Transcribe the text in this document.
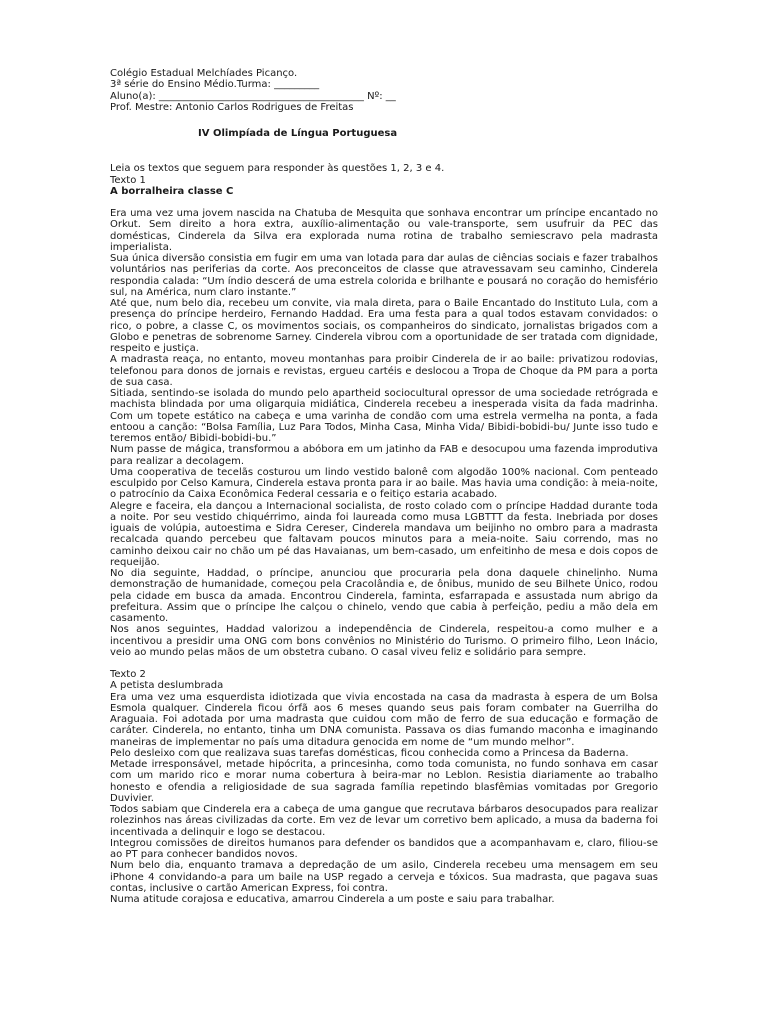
Colégio Estadual Melchíades Picanço.
3ª série do Ensino Médio.Turma: _________
Aluno(a): _________________________________________ Nº: __
Prof. Mestre: Antonio Carlos Rodrigues de Freitas
IV Olimpíada de Língua Portuguesa
Leia os textos que seguem para responder às questões 1, 2, 3 e 4.
Texto 1
A borralheira classe C

Era uma vez uma jovem nascida na Chatuba de Mesquita que sonhava encontrar um príncipe encantado no Orkut. Sem direito a hora extra, auxílio-alimentação ou vale-transporte, sem usufruir da PEC das domésticas, Cinderela da Silva era explorada numa rotina de trabalho semiescravo pela madrasta imperialista.

Sua única diversão consistia em fugir em uma van lotada para dar aulas de ciências sociais e fazer trabalhos voluntários nas periferias da corte. Aos preconceitos de classe que atravessavam seu caminho, Cinderela respondia calada: “Um índio descerá de uma estrela colorida e brilhante e pousará no coração do hemisfério sul, na América, num claro instante.”

Até que, num belo dia, recebeu um convite, via mala direta, para o Baile Encantado do Instituto Lula, com a presença do príncipe herdeiro, Fernando Haddad. Era uma festa para a qual todos estavam convidados: o rico, o pobre, a classe C, os movimentos sociais, os companheiros do sindicato, jornalistas brigados com a Globo e penetras de sobrenome Sarney. Cinderela vibrou com a oportunidade de ser tratada com dignidade, respeito e justiça.

A madrasta reaça, no entanto, moveu montanhas para proibir Cinderela de ir ao baile: privatizou rodovias, telefonou para donos de jornais e revistas, ergueu cartéis e deslocou a Tropa de Choque da PM para a porta de sua casa.

Sitiada, sentindo-se isolada do mundo pelo apartheid sociocultural opressor de uma sociedade retrógrada e machista blindada por uma oligarquia midiática, Cinderela recebeu a inesperada visita da fada madrinha. Com um topete estático na cabeça e uma varinha de condão com uma estrela vermelha na ponta, a fada entoou a canção: “Bolsa Família, Luz Para Todos, Minha Casa, Minha Vida/ Bibidi-bobidi-bu/ Junte isso tudo e teremos então/ Bibidi-bobidi-bu.”

Num passe de mágica, transformou a abóbora em um jatinho da FAB e desocupou uma fazenda improdutiva para realizar a decolagem.

Uma cooperativa de tecelãs costurou um lindo vestido balonê com algodão 100% nacional. Com penteado esculpido por Celso Kamura, Cinderela estava pronta para ir ao baile. Mas havia uma condição: à meia-noite, o patrocínio da Caixa Econômica Federal cessaria e o feitiço estaria acabado.

Alegre e faceira, ela dançou a Internacional socialista, de rosto colado com o príncipe Haddad durante toda a noite. Por seu vestido chiquérrimo, ainda foi laureada como musa LGBTTT da festa. Inebriada por doses iguais de volúpia, autoestima e Sidra Cereser, Cinderela mandava um beijinho no ombro para a madrasta recalcada quando percebeu que faltavam poucos minutos para a meia-noite. Saiu correndo, mas no caminho deixou cair no chão um pé das Havaianas, um bem-casado, um enfeitinho de mesa e dois copos de requeijão.

No dia seguinte, Haddad, o príncipe, anunciou que procuraria pela dona daquele chinelinho. Numa demonstração de humanidade, começou pela Cracolândia e, de ônibus, munido de seu Bilhete Único, rodou pela cidade em busca da amada. Encontrou Cinderela, faminta, esfarrapada e assustada num abrigo da prefeitura. Assim que o príncipe lhe calçou o chinelo, vendo que cabia à perfeição, pediu a mão dela em casamento.

Nos anos seguintes, Haddad valorizou a independência de Cinderela, respeitou-a como mulher e a incentivou a presidir uma ONG com bons convênios no Ministério do Turismo. O primeiro filho, Leon Inácio, veio ao mundo pelas mãos de um obstetra cubano. O casal viveu feliz e solidário para sempre.

Texto 2
A petista deslumbrada

Era uma vez uma esquerdista idiotizada que vivia encostada na casa da madrasta à espera de um Bolsa Esmola qualquer. Cinderela ficou órfã aos 6 meses quando seus pais foram combater na Guerrilha do Araguaia. Foi adotada por uma madrasta que cuidou com mão de ferro de sua educação e formação de caráter. Cinderela, no entanto, tinha um DNA comunista. Passava os dias fumando maconha e imaginando maneiras de implementar no país uma ditadura genocida em nome de “um mundo melhor”.

Pelo desleixo com que realizava suas tarefas domésticas, ficou conhecida como a Princesa da Baderna.

Metade irresponsável, metade hipócrita, a princesinha, como toda comunista, no fundo sonhava em casar com um marido rico e morar numa cobertura à beira-mar no Leblon. Resistia diariamente ao trabalho honesto e ofendia a religiosidade de sua sagrada família repetindo blasfêmias vomitadas por Gregorio Duvivier.

Todos sabiam que Cinderela era a cabeça de uma gangue que recrutava bárbaros desocupados para realizar rolezinhos nas áreas civilizadas da corte. Em vez de levar um corretivo bem aplicado, a musa da baderna foi incentivada a delinquir e logo se destacou.

Integrou comissões de direitos humanos para defender os bandidos que a acompanhavam e, claro, filiou-se ao PT para conhecer bandidos novos.

Num belo dia, enquanto tramava a depredação de um asilo, Cinderela recebeu uma mensagem em seu iPhone 4 convidando-a para um baile na USP regado a cerveja e tóxicos. Sua madrasta, que pagava suas contas, inclusive o cartão American Express, foi contra.

Numa atitude corajosa e educativa, amarrou Cinderela a um poste e saiu para trabalhar.
